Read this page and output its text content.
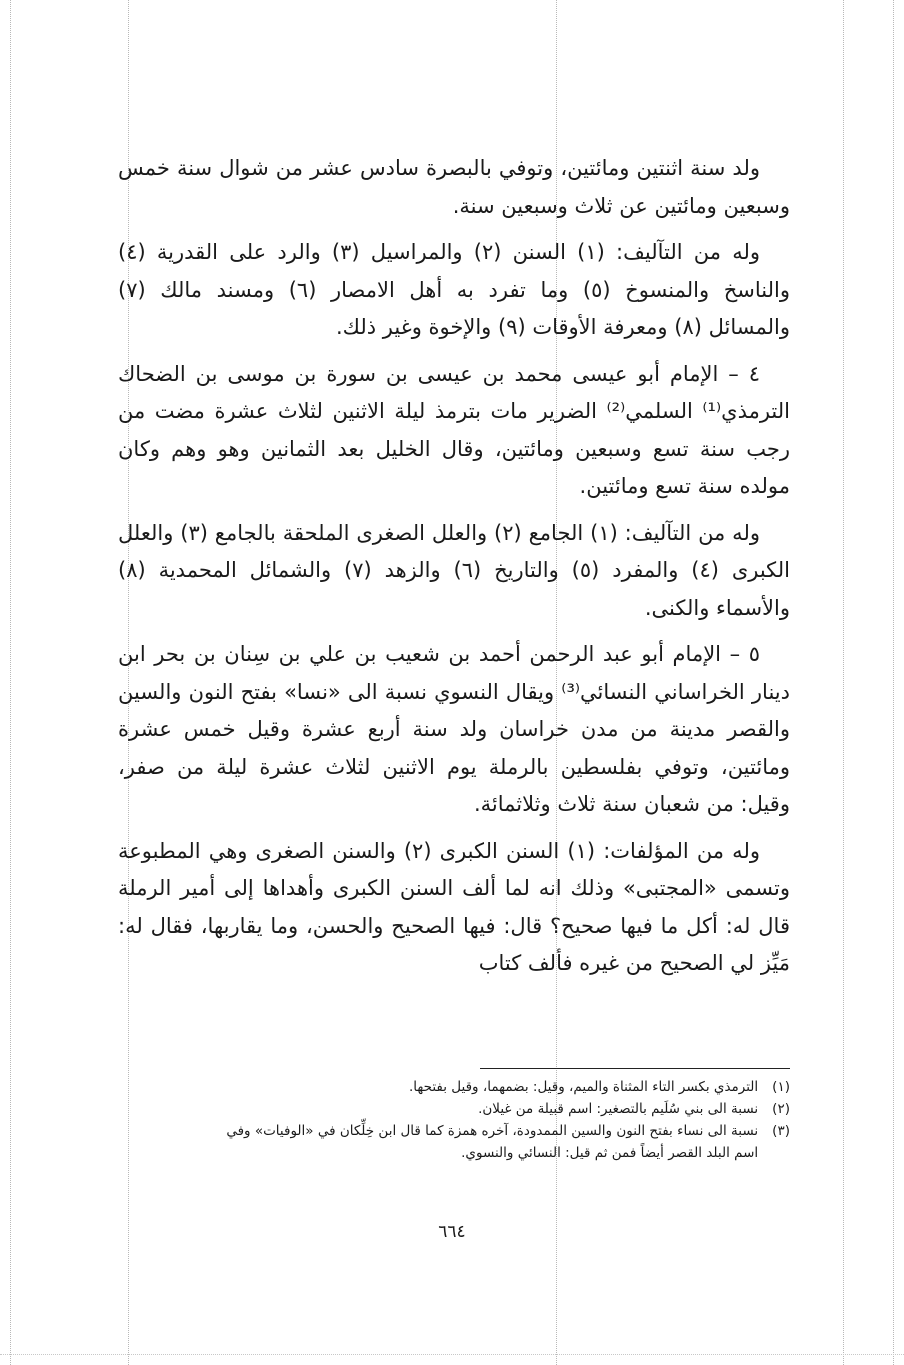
ولد سنة اثنتين ومائتين، وتوفي بالبصرة سادس عشر من شوال سنة خمس وسبعين ومائتين عن ثلاث وسبعين سنة.

وله من التآليف: (١) السنن (٢) والمراسيل (٣) والرد على القدرية (٤) والناسخ والمنسوخ (٥) وما تفرد به أهل الامصار (٦) ومسند مالك (٧) والمسائل (٨) ومعرفة الأوقات (٩) والإخوة وغير ذلك.

٤ – الإمام أبو عيسى محمد بن عيسى بن سورة بن موسى بن الضحاك الترمذي⁽¹⁾ السلمي⁽²⁾ الضرير مات بترمذ ليلة الاثنين لثلاث عشرة مضت من رجب سنة تسع وسبعين ومائتين، وقال الخليل بعد الثمانين وهو وهم وكان مولده سنة تسع ومائتين.

وله من التآليف: (١) الجامع (٢) والعلل الصغرى الملحقة بالجامع (٣) والعلل الكبرى (٤) والمفرد (٥) والتاريخ (٦) والزهد (٧) والشمائل المحمدية (٨) والأسماء والكنى.

٥ – الإمام أبو عبد الرحمن أحمد بن شعيب بن علي بن سِنان بن بحر ابن دينار الخراساني النسائي⁽³⁾ ويقال النسوي نسبة الى «نسا» بفتح النون والسين والقصر مدينة من مدن خراسان ولد سنة أربع عشرة وقيل خمس عشرة ومائتين، وتوفي بفلسطين بالرملة يوم الاثنين لثلاث عشرة ليلة من صفر، وقيل: من شعبان سنة ثلاث وثلاثمائة.

وله من المؤلفات: (١) السنن الكبرى (٢) والسنن الصغرى وهي المطبوعة وتسمى «المجتبى» وذلك انه لما ألف السنن الكبرى وأهداها إلى أمير الرملة قال له: أكل ما فيها صحيح؟ قال: فيها الصحيح والحسن، وما يقاربها، فقال له: مَيِّز لي الصحيح من غيره فألف كتاب

(١)
الترمذي بكسر التاء المثناة والميم، وقيل: بضمهما، وقيل بفتحها.
(٢)
نسبة الى بني سُلَيم بالتصغير: اسم قبيلة من غيلان.
(٣)
نسبة الى نساء بفتح النون والسين الممدودة، آخره همزة كما قال ابن خِلِّكان في «الوفيات» وفي اسم البلد القصر أيضاً فمن ثم قيل: النسائي والنسوي.
٦٦٤
